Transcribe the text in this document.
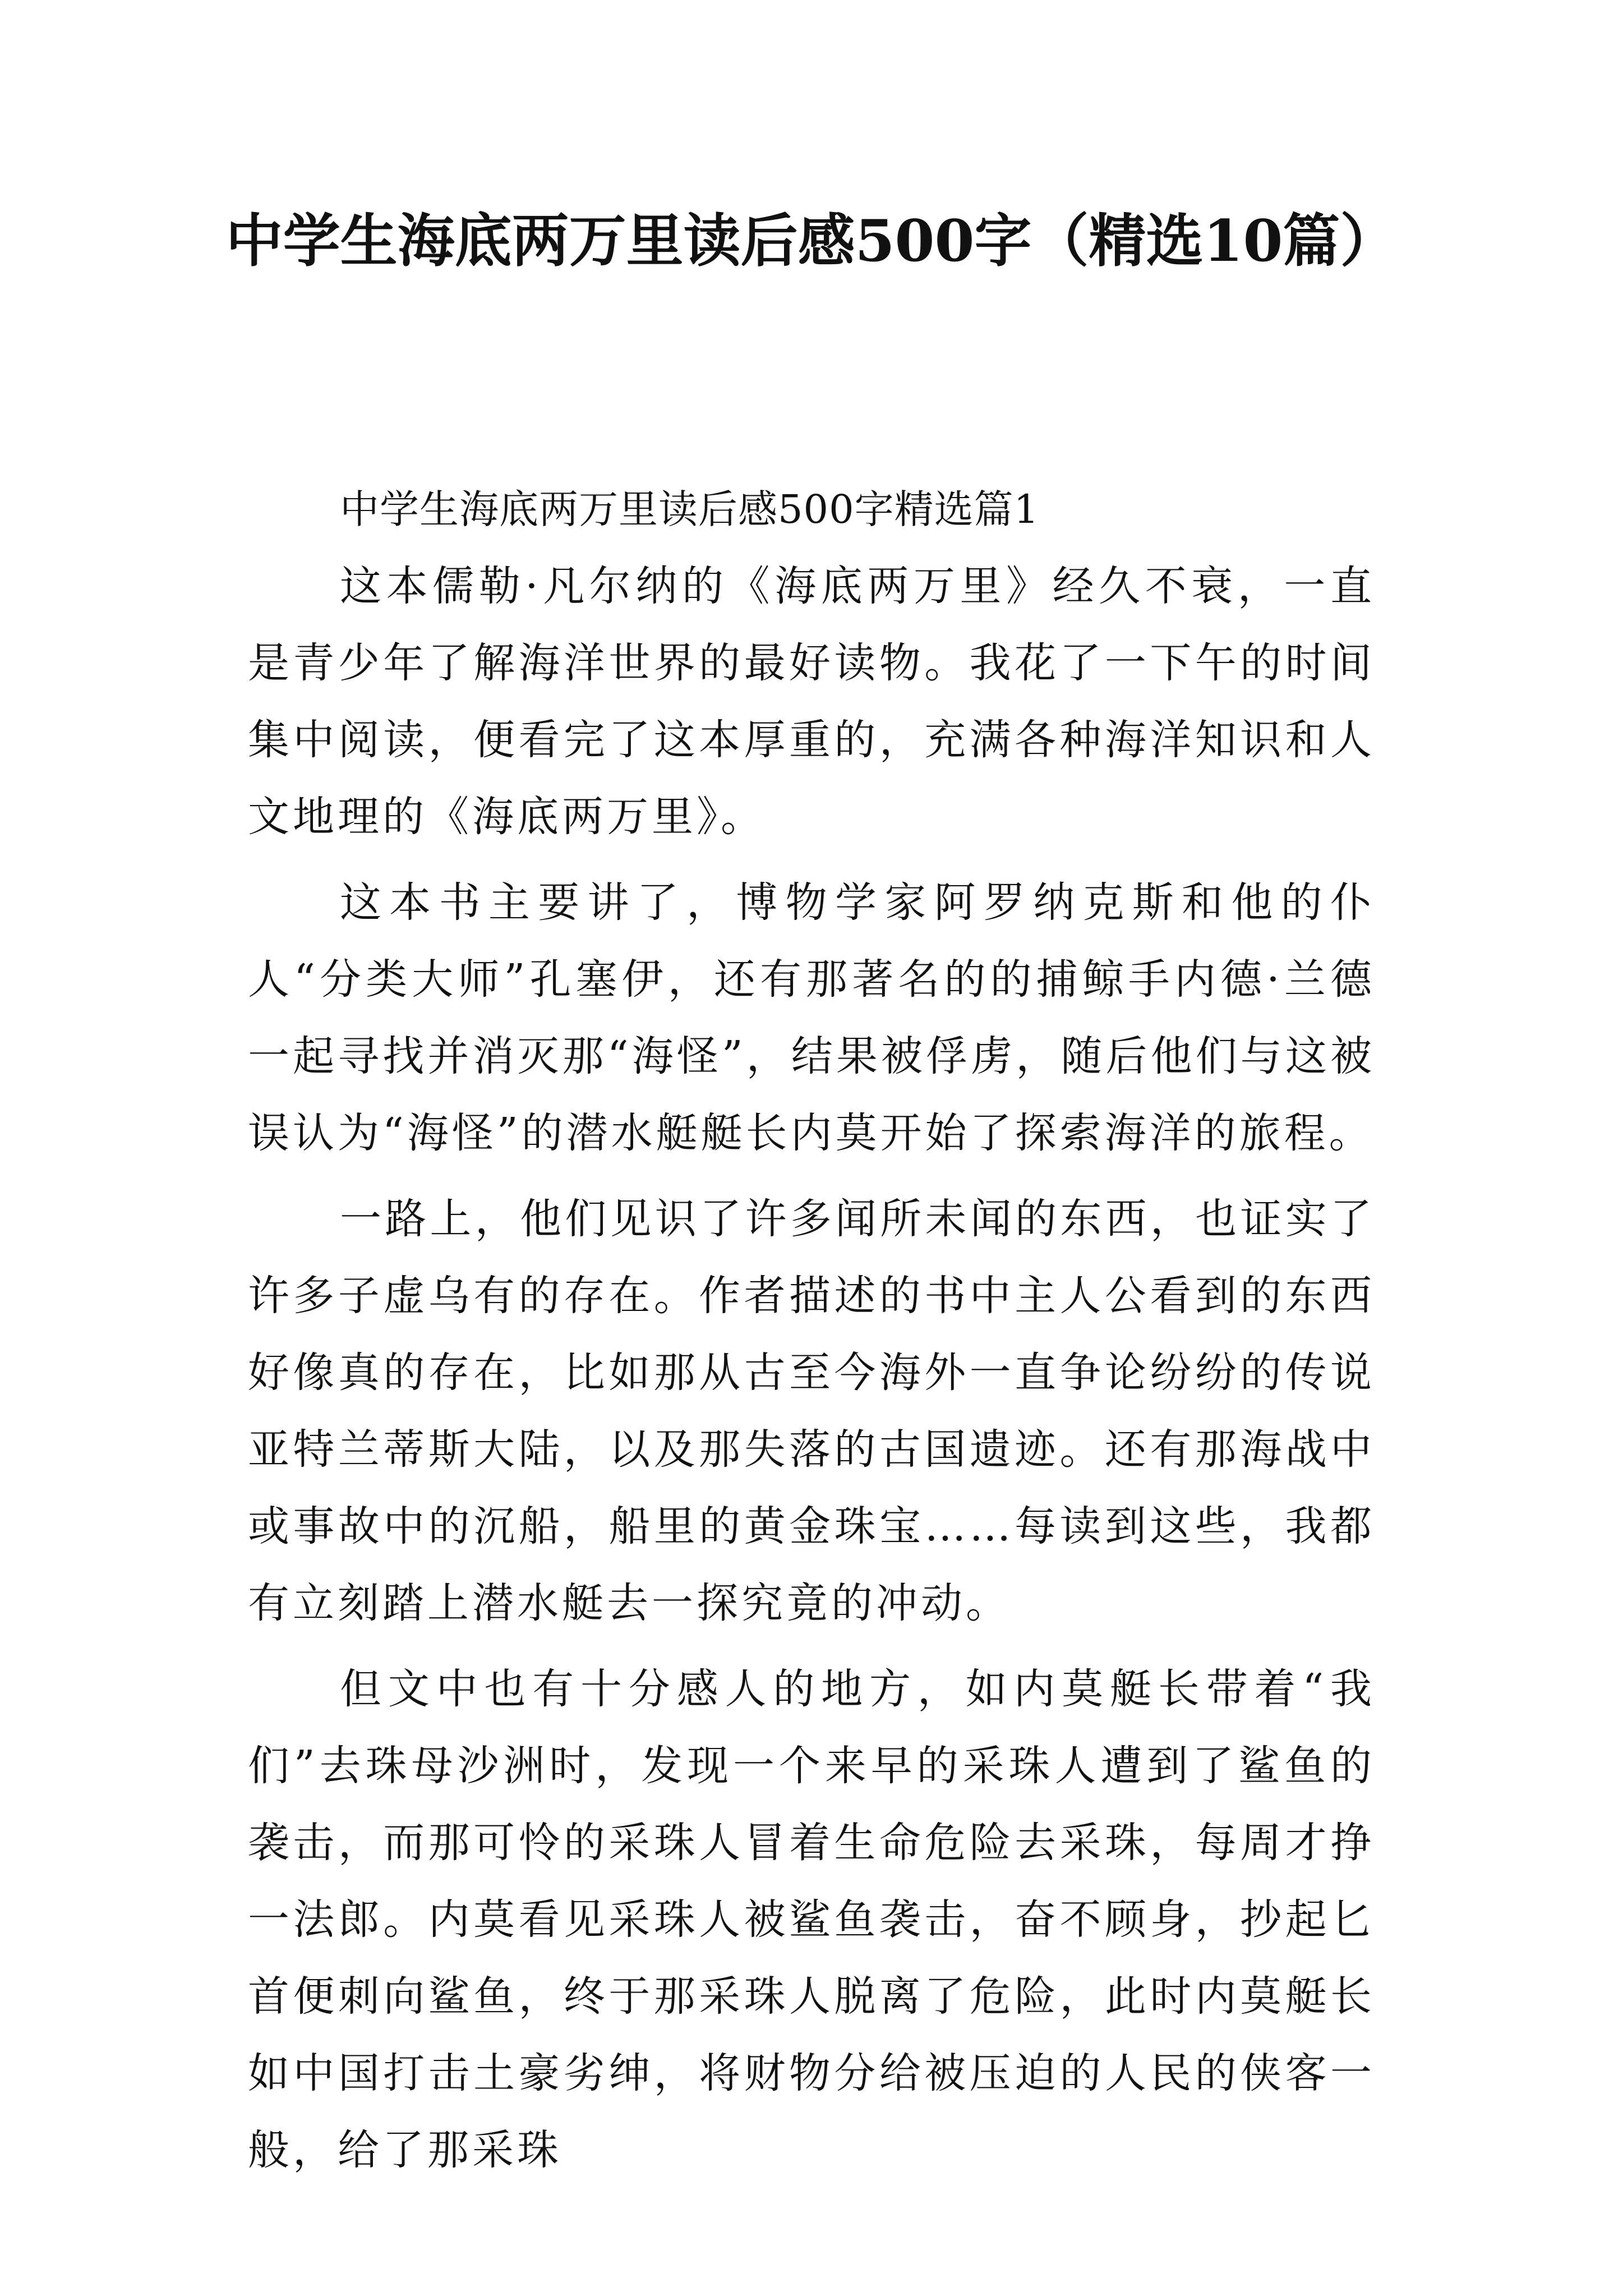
中学生海底两万里读后感500字（精选10篇）

中学生海底两万里读后感500字精选篇1

这本儒勒·凡尔纳的《海底两万里》经久不衰，一直是青少年了解海洋世界的最好读物。我花了一下午的时间集中阅读，便看完了这本厚重的，充满各种海洋知识和人文地理的《海底两万里》。

这本书主要讲了，博物学家阿罗纳克斯和他的仆人“分类大师”孔塞伊，还有那著名的的捕鲸手内德·兰德一起寻找并消灭那“海怪”，结果被俘虏，随后他们与这被误认为“海怪”的潜水艇艇长内莫开始了探索海洋的旅程。

一路上，他们见识了许多闻所未闻的东西，也证实了许多子虚乌有的存在。作者描述的书中主人公看到的东西好像真的存在，比如那从古至今海外一直争论纷纷的传说亚特兰蒂斯大陆，以及那失落的古国遗迹。还有那海战中或事故中的沉船，船里的黄金珠宝……每读到这些，我都有立刻踏上潜水艇去一探究竟的冲动。

但文中也有十分感人的地方，如内莫艇长带着“我们”去珠母沙洲时，发现一个来早的采珠人遭到了鲨鱼的袭击，而那可怜的采珠人冒着生命危险去采珠，每周才挣一法郎。内莫看见采珠人被鲨鱼袭击，奋不顾身，抄起匕首便刺向鲨鱼，终于那采珠人脱离了危险，此时内莫艇长如中国打击土豪劣绅，将财物分给被压迫的人民的侠客一般，给了那采珠
